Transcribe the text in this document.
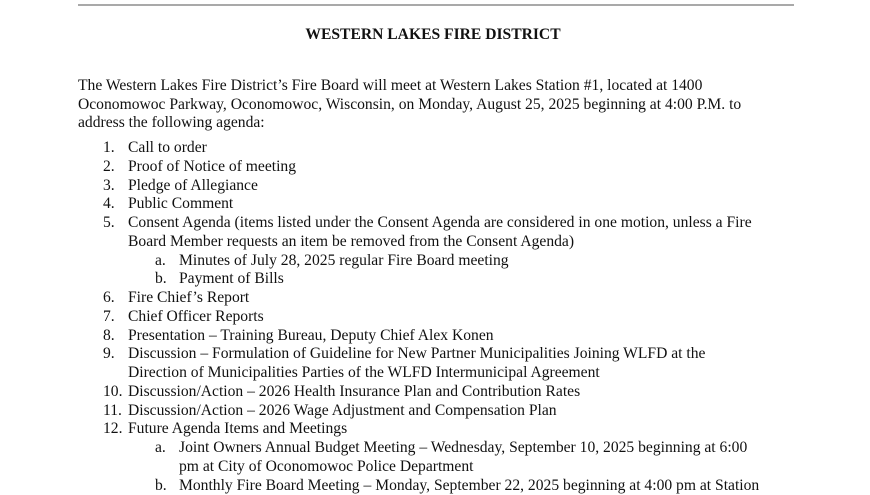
WESTERN LAKES FIRE DISTRICT
The Western Lakes Fire District’s Fire Board will meet at Western Lakes Station #1, located at 1400
Oconomowoc Parkway, Oconomowoc, Wisconsin, on Monday, August 25, 2025 beginning at 4:00 P.M. to
address the following agenda:
1. Call to order
2. Proof of Notice of meeting
3. Pledge of Allegiance
4. Public Comment
5. Consent Agenda (items listed under the Consent Agenda are considered in one motion, unless a Fire
Board Member requests an item be removed from the Consent Agenda)
a. Minutes of July 28, 2025 regular Fire Board meeting
b. Payment of Bills
6. Fire Chief’s Report
7. Chief Officer Reports
8. Presentation – Training Bureau, Deputy Chief Alex Konen
9. Discussion – Formulation of Guideline for New Partner Municipalities Joining WLFD at the
Direction of Municipalities Parties of the WLFD Intermunicipal Agreement
10. Discussion/Action – 2026 Health Insurance Plan and Contribution Rates
11. Discussion/Action – 2026 Wage Adjustment and Compensation Plan
12. Future Agenda Items and Meetings
a. Joint Owners Annual Budget Meeting – Wednesday, September 10, 2025 beginning at 6:00
pm at City of Oconomowoc Police Department
b. Monthly Fire Board Meeting – Monday, September 22, 2025 beginning at 4:00 pm at Station
